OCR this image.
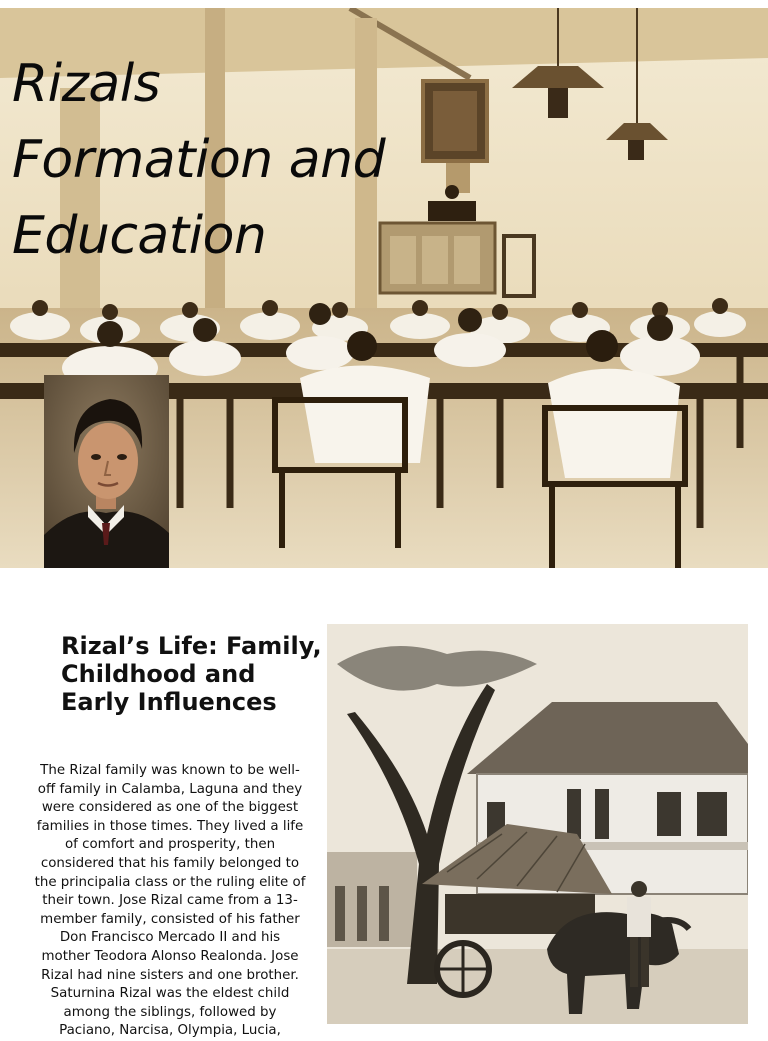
Rizals
Formation and
Education
Rizal’s Life: Family, Childhood and Early Influences

The Rizal family was known to be well-off family in Calamba, Laguna and they were considered as one of the biggest families in those times. They lived a life of comfort and prosperity, then considered that his family belonged to the principalia class or the ruling elite of their town. Jose Rizal came from a 13-member family, consisted of his father Don Francisco Mercado II and his mother Teodora Alonso Realonda. Jose Rizal had nine sisters and one brother. Saturnina Rizal was the eldest child among the siblings, followed by Paciano, Narcisa, Olympia, Lucia,
